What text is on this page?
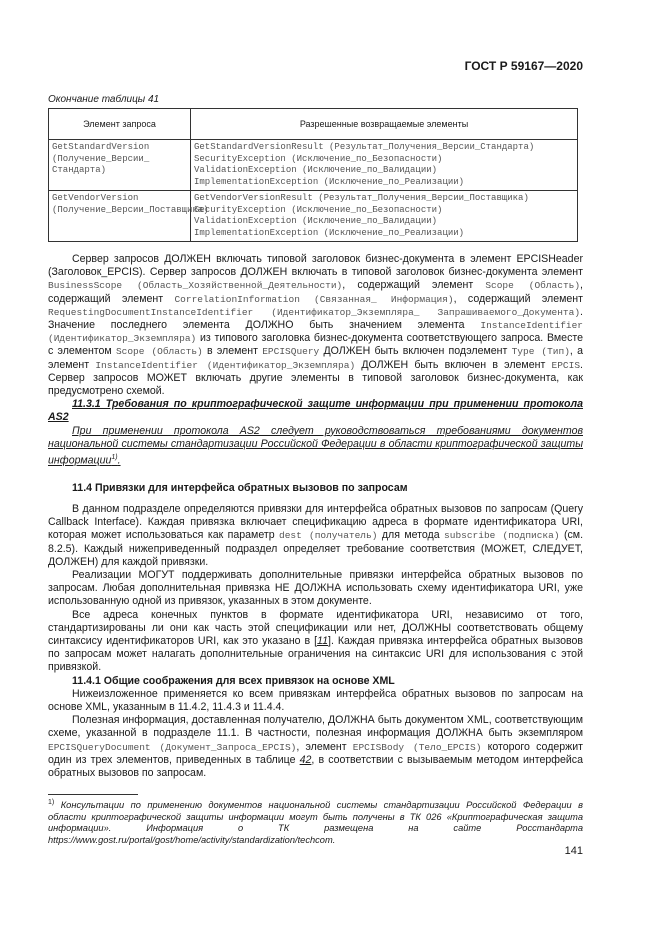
ГОСТ Р 59167—2020
Окончание таблицы 41
Элемент запроса	Разрешенные возвращаемые элементы
GetStandardVersion (Получение_Версии_ Стандарта)	GetStandardVersionResult (Результат_Получения_Версии_Стандарта)
SecurityException (Исключение_по_Безопасности)
ValidationException (Исключение_по_Валидации)
ImplementationException (Исключение_по_Реализации)

GetVendorVersion (Получение_Версии_Поставщика)	GetVendorVersionResult (Результат_Получения_Версии_Поставщика)
SecurityException (Исключение_по_Безопасности)
ValidationException (Исключение_по_Валидации)
ImplementationException (Исключение_по_Реализации)

Сервер запросов ДОЛЖЕН включать типовой заголовок бизнес-документа в элемент EPCISHeader (Заголовок_EPCIS). Сервер запросов ДОЛЖЕН включать в типовой заголовок бизнес-документа элемент BusinessScope (Область_Хозяйственной_Деятельности), содержащий элемент Scope (Область), содержащий элемент CorrelationInformation (Связанная_ Информация), содержащий элемент RequestingDocumentInstanceIdentifier (Идентификатор_Экземпляра_ Запрашиваемого_Документа). Значение последнего элемента ДОЛЖНО быть значением элемента InstanceIdentifier (Идентификатор_Экземпляра) из типового заголовка бизнес-документа соответствующего запроса. Вместе с элементом Scope (Область) в элемент EPCISQuery ДОЛЖЕН быть включен подэлемент Type (Тип), а элемент InstanceIdentifier (Идентификатор_Экземпляра) ДОЛЖЕН быть включен в элемент EPCIS. Сервер запросов МОЖЕТ включать другие элементы в типовой заголовок бизнес-документа, как предусмотрено схемой.

11.3.1 Требования по криптографической защите информации при применении протокола AS2

При применении протокола AS2 следует руководствоваться требованиями документов национальной системы стандартизации Российской Федерации в области криптографической защиты информации$^{1)}$.

11.4 Привязки для интерфейса обратных вызовов по запросам

В данном подразделе определяются привязки для интерфейса обратных вызовов по запросам (Query Callback Interface). Каждая привязка включает спецификацию адреса в формате идентификатора URI, которая может использоваться как параметр dest (получатель) для метода subscribe (подписка) (см. 8.2.5). Каждый нижеприведенный подраздел определяет требование соответствия (МОЖЕТ, СЛЕДУЕТ, ДОЛЖЕН) для каждой привязки.

Реализации МОГУТ поддерживать дополнительные привязки интерфейса обратных вызовов по запросам. Любая дополнительная привязка НЕ ДОЛЖНА использовать схему идентификатора URI, уже использованную одной из привязок, указанных в этом документе.

Все адреса конечных пунктов в формате идентификатора URI, независимо от того, стандартизированы ли они как часть этой спецификации или нет, ДОЛЖНЫ соответствовать общему синтаксису идентификаторов URI, как это указано в [11]. Каждая привязка интерфейса обратных вызовов по запросам может налагать дополнительные ограничения на синтаксис URI для использования с этой привязкой.

11.4.1 Общие соображения для всех привязок на основе XML

Нижеизложенное применяется ко всем привязкам интерфейса обратных вызовов по запросам на основе XML, указанным в 11.4.2, 11.4.3 и 11.4.4.

Полезная информация, доставленная получателю, ДОЛЖНА быть документом XML, соответствующим схеме, указанной в подразделе 11.1. В частности, полезная информация ДОЛЖНА быть экземпляром EPCISQueryDocument (Документ_Запроса_EPCIS), элемент EPCISBody (Тело_EPCIS) которого содержит один из трех элементов, приведенных в таблице 42, в соответствии с вызываемым методом интерфейса обратных вызовов по запросам.

$^{1)}$ Консультации по применению документов национальной системы стандартизации Российской Федерации в области криптографической защиты информации могут быть получены в ТК 026 «Криптографическая защита информации». Информация о ТК размещена на сайте Росстандарта https://www.gost.ru/portal/gost/home/activity/standardization/techcom.
141
